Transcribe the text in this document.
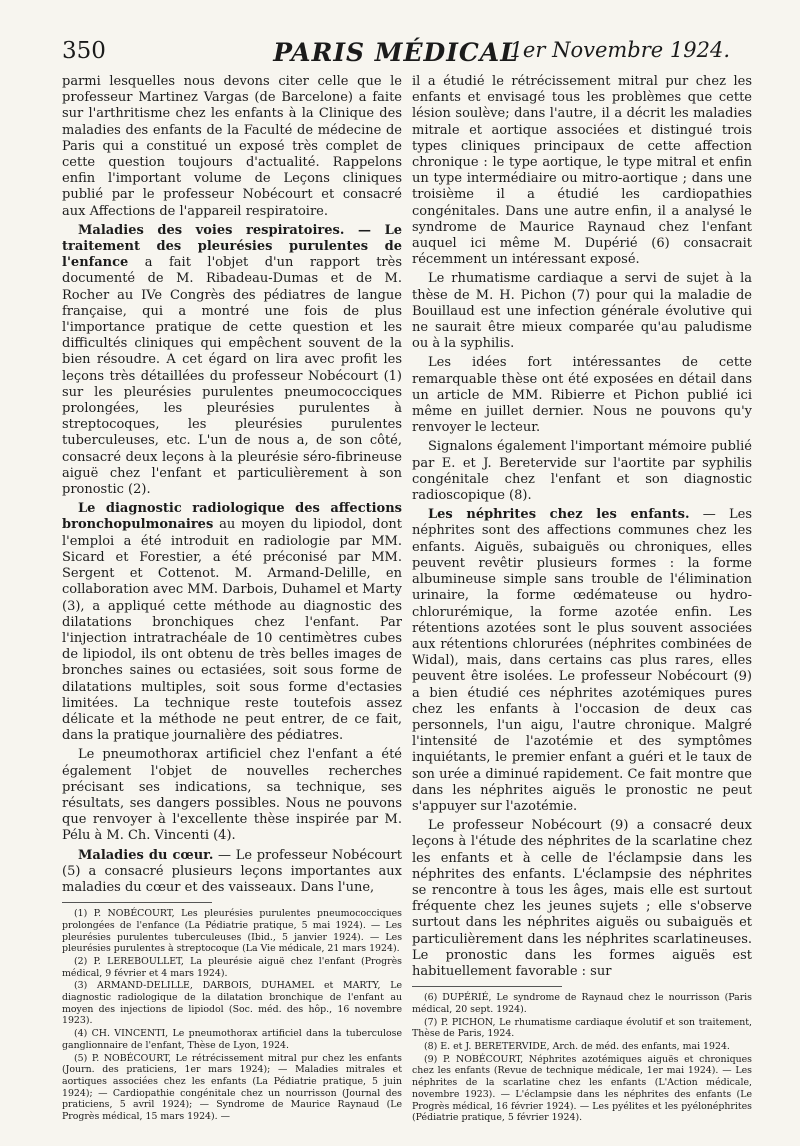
350	PARIS MÉDICAL
1er Novembre 1924.

parmi lesquelles nous devons citer celle que le professeur Martinez Vargas (de Barcelone) a faite sur l'arthritisme chez les enfants à la Clinique des maladies des enfants de la Faculté de médecine de Paris qui a constitué un exposé très complet de cette question toujours d'actualité. Rappelons enfin l'important volume de Leçons cliniques publié par le professeur Nobécourt et consacré aux Affections de l'appareil respiratoire.

Maladies des voies respiratoires. — Le traitement des pleurésies purulentes de l'enfance a fait l'objet d'un rapport très documenté de M. Ribadeau-Dumas et de M. Rocher au IVe Congrès des pédiatres de langue française, qui a montré une fois de plus l'importance pratique de cette question et les difficultés cliniques qui empêchent souvent de la bien résoudre. A cet égard on lira avec profit les leçons très détaillées du professeur Nobécourt (1) sur les pleurésies purulentes pneumococciques prolongées, les pleurésies purulentes à streptocoques, les pleurésies purulentes tuberculeuses, etc. L'un de nous a, de son côté, consacré deux leçons à la pleurésie séro-fibrineuse aiguë chez l'enfant et particulièrement à son pronostic (2).

Le diagnostic radiologique des affections bronchopulmonaires au moyen du lipiodol, dont l'emploi a été introduit en radiologie par MM. Sicard et Forestier, a été préconisé par MM. Sergent et Cottenot. M. Armand-Delille, en collaboration avec MM. Darbois, Duhamel et Marty (3), a appliqué cette méthode au diagnostic des dilatations bronchiques chez l'enfant. Par l'injection intratrachéale de 10 centimètres cubes de lipiodol, ils ont obtenu de très belles images de bronches saines ou ectasiées, soit sous forme de dilatations multiples, soit sous forme d'ectasies limitées. La technique reste toutefois assez délicate et la méthode ne peut entrer, de ce fait, dans la pratique journalière des pédiatres.

Le pneumothorax artificiel chez l'enfant a été également l'objet de nouvelles recherches précisant ses indications, sa technique, ses résultats, ses dangers possibles. Nous ne pouvons que renvoyer à l'excellente thèse inspirée par M. Pélu à M. Ch. Vincenti (4).

Maladies du cœur. — Le professeur Nobécourt (5) a consacré plusieurs leçons importantes aux maladies du cœur et des vaisseaux. Dans l'une,

(1) P. NOBÉCOURT, Les pleurésies purulentes pneumococciques prolongées de l'enfance (La Pédiatrie pratique, 5 mai 1924). — Les pleurésies purulentes tuberculeuses (Ibid., 5 janvier 1924). — Les pleurésies purulentes à streptocoque (La Vie médicale, 21 mars 1924).

(2) P. LEREBOULLET, La pleurésie aiguë chez l'enfant (Progrès médical, 9 février et 4 mars 1924).

(3) ARMAND-DELILLE, DARBOIS, DUHAMEL et MARTY, Le diagnostic radiologique de la dilatation bronchique de l'enfant au moyen des injections de lipiodol (Soc. méd. des hôp., 16 novembre 1923).

(4) CH. VINCENTI, Le pneumothorax artificiel dans la tuberculose ganglionnaire de l'enfant, Thèse de Lyon, 1924.

(5) P. NOBÉCOURT, Le rétrécissement mitral pur chez les enfants (Journ. des praticiens, 1er mars 1924); — Maladies mitrales et aortiques associées chez les enfants (La Pédiatrie pratique, 5 juin 1924); — Cardiopathie congénitale chez un nourrisson (Journal des praticiens, 5 avril 1924); — Syndrome de Maurice Raynaud (Le Progrès médical, 15 mars 1924). —

il a étudié le rétrécissement mitral pur chez les enfants et envisagé tous les problèmes que cette lésion soulève; dans l'autre, il a décrit les maladies mitrale et aortique associées et distingué trois types cliniques principaux de cette affection chronique : le type aortique, le type mitral et enfin un type intermédiaire ou mitro-aortique ; dans une troisième il a étudié les cardiopathies congénitales. Dans une autre enfin, il a analysé le syndrome de Maurice Raynaud chez l'enfant auquel ici même M. Dupérié (6) consacrait récemment un intéressant exposé.

Le rhumatisme cardiaque a servi de sujet à la thèse de M. H. Pichon (7) pour qui la maladie de Bouillaud est une infection générale évolutive qui ne saurait être mieux comparée qu'au paludisme ou à la syphilis.

Les idées fort intéressantes de cette remarquable thèse ont été exposées en détail dans un article de MM. Ribierre et Pichon publié ici même en juillet dernier. Nous ne pouvons qu'y renvoyer le lecteur.

Signalons également l'important mémoire publié par E. et J. Beretervide sur l'aortite par syphilis congénitale chez l'enfant et son diagnostic radioscopique (8).

Les néphrites chez les enfants. — Les néphrites sont des affections communes chez les enfants. Aiguës, subaiguës ou chroniques, elles peuvent revêtir plusieurs formes : la forme albumineuse simple sans trouble de l'élimination urinaire, la forme œdémateuse ou hydro-chlorurémique, la forme azotée enfin. Les rétentions azotées sont le plus souvent associées aux rétentions chlorurées (néphrites combinées de Widal), mais, dans certains cas plus rares, elles peuvent être isolées. Le professeur Nobécourt (9) a bien étudié ces néphrites azotémiques pures chez les enfants à l'occasion de deux cas personnels, l'un aigu, l'autre chronique. Malgré l'intensité de l'azotémie et des symptômes inquiétants, le premier enfant a guéri et le taux de son urée a diminué rapidement. Ce fait montre que dans les néphrites aiguës le pronostic ne peut s'appuyer sur l'azotémie.

Le professeur Nobécourt (9) a consacré deux leçons à l'étude des néphrites de la scarlatine chez les enfants et à celle de l'éclampsie dans les néphrites des enfants. L'éclampsie des néphrites se rencontre à tous les âges, mais elle est surtout fréquente chez les jeunes sujets ; elle s'observe surtout dans les néphrites aiguës ou subaiguës et particulièrement dans les néphrites scarlatineuses. Le pronostic dans les formes aiguës est habituellement favorable : sur

(6) DUPÉRIÉ, Le syndrome de Raynaud chez le nourrisson (Paris médical, 20 sept. 1924).

(7) P. PICHON, Le rhumatisme cardiaque évolutif et son traitement, Thèse de Paris, 1924.

(8) E. et J. BERETERVIDE, Arch. de méd. des enfants, mai 1924.

(9) P. NOBÉCOURT, Néphrites azotémiques aiguës et chroniques chez les enfants (Revue de technique médicale, 1er mai 1924). — Les néphrites de la scarlatine chez les enfants (L'Action médicale, novembre 1923). — L'éclampsie dans les néphrites des enfants (Le Progrès médical, 16 février 1924). — Les pyélites et les pyélonéphrites (Pédiatrie pratique, 5 février 1924).
